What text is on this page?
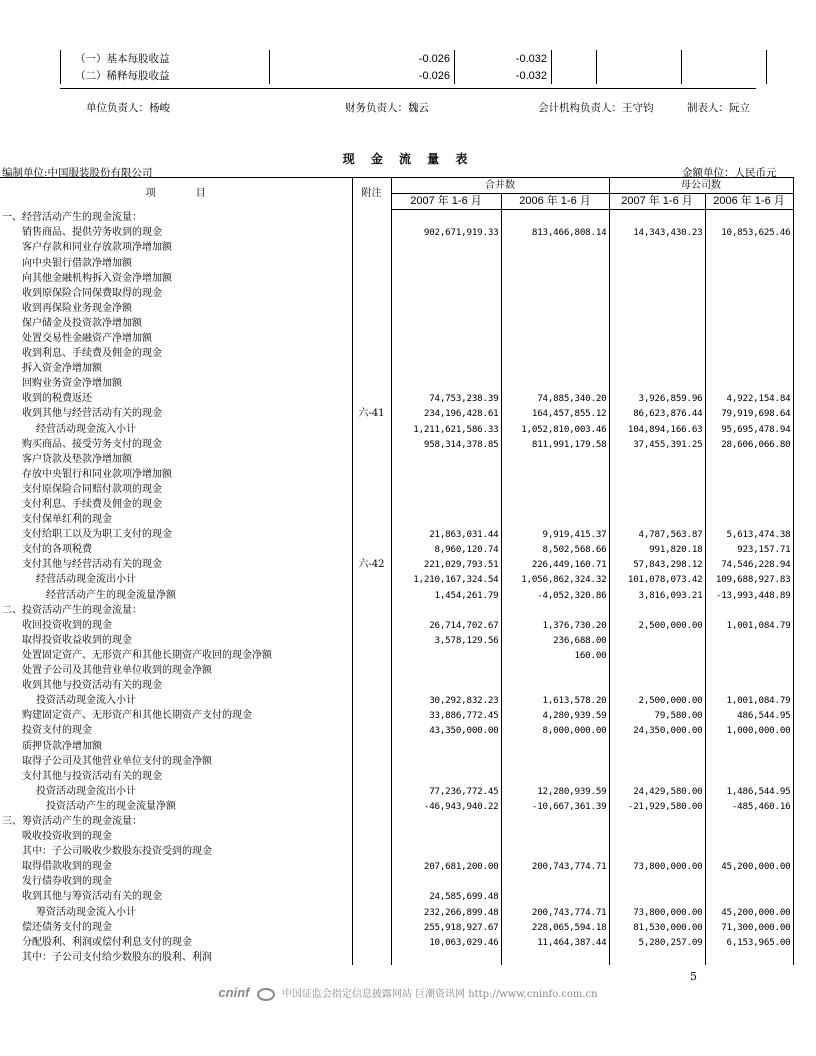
（一）基本每股收益	-0.026	-0.032			
（二）稀释每股收益	-0.026	-0.032			
单位负责人：杨峻	财务负责人：魏云	会计机构负责人：王守钧	制表人：阮立
现 金 流 量 表
编制单位:中国服装股份有限公司	金额单位：人民币元
项　　　　目	附注	合并数		母公司数	
		2007 年 1-6 月	2006 年 1-6 月	2007 年 1-6 月	2006 年 1-6 月
一、经营活动产生的现金流量：					
销售商品、提供劳务收到的现金		902,671,919.33	813,466,808.14	14,343,430.23	10,853,625.46
客户存款和同业存放款项净增加额					
向中央银行借款净增加额					
向其他金融机构拆入资金净增加额					
收到原保险合同保费取得的现金					
收到再保险业务现金净额					
保户储金及投资款净增加额					
处置交易性金融资产净增加额					
收到利息、手续费及佣金的现金					
拆入资金净增加额					
回购业务资金净增加额					
收到的税费返还		74,753,238.39	74,885,340.20	3,926,859.96	4,922,154.84
收到其他与经营活动有关的现金	六-41	234,196,428.61	164,457,855.12	86,623,876.44	79,919,698.64
经营活动现金流入小计		1,211,621,586.33	1,052,810,003.46	104,894,166.63	95,695,478.94
购买商品、接受劳务支付的现金		958,314,378.85	811,991,179.58	37,455,391.25	28,606,066.80
客户贷款及垫款净增加额					
存放中央银行和同业款项净增加额					
支付原保险合同赔付款项的现金					
支付利息、手续费及佣金的现金					
支付保单红利的现金					
支付给职工以及为职工支付的现金		21,863,031.44	9,919,415.37	4,787,563.87	5,613,474.38
支付的各项税费		8,960,120.74	8,502,568.66	991,820.18	923,157.71
支付其他与经营活动有关的现金	六-42	221,029,793.51	226,449,160.71	57,843,298.12	74,546,228.94
经营活动现金流出小计		1,210,167,324.54	1,056,862,324.32	101,078,073.42	109,688,927.83
经营活动产生的现金流量净额		1,454,261.79	-4,052,320.86	3,816,093.21	-13,993,448.89
二、投资活动产生的现金流量：					
收回投资收到的现金		26,714,702.67	1,376,730.20	2,500,000.00	1,001,084.79
取得投资收益收到的现金		3,578,129.56	236,688.00		
处置固定资产、无形资产和其他长期资产收回的现金净额			160.00		
处置子公司及其他营业单位收到的现金净额					
收到其他与投资活动有关的现金					
投资活动现金流入小计		30,292,832.23	1,613,578.20	2,500,000.00	1,001,084.79
购建固定资产、无形资产和其他长期资产支付的现金		33,886,772.45	4,280,939.59	79,580.00	486,544.95
投资支付的现金		43,350,000.00	8,000,000.00	24,350,000.00	1,000,000.00
质押贷款净增加额					
取得子公司及其他营业单位支付的现金净额					
支付其他与投资活动有关的现金					
投资活动现金流出小计		77,236,772.45	12,280,939.59	24,429,580.00	1,486,544.95
投资活动产生的现金流量净额		-46,943,940.22	-10,667,361.39	-21,929,580.00	-485,460.16
三、筹资活动产生的现金流量：					
吸收投资收到的现金					
其中：子公司吸收少数股东投资受到的现金					
取得借款收到的现金		207,681,200.00	200,743,774.71	73,800,000.00	45,200,000.00
发行债券收到的现金					
收到其他与筹资活动有关的现金		24,585,699.48			
筹资活动现金流入小计		232,266,899.48	200,743,774.71	73,800,000.00	45,200,000.00
偿还债务支付的现金		255,918,927.67	228,065,594.18	81,530,000.00	71,300,000.00
分配股利、利润或偿付利息支付的现金		10,063,029.46	11,464,387.44	5,280,257.09	6,153,965.00
其中：子公司支付给少数股东的股利、利润					
5
cninf	中国证监会指定信息披露网站 巨潮资讯网 http://www.cninfo.com.cn
